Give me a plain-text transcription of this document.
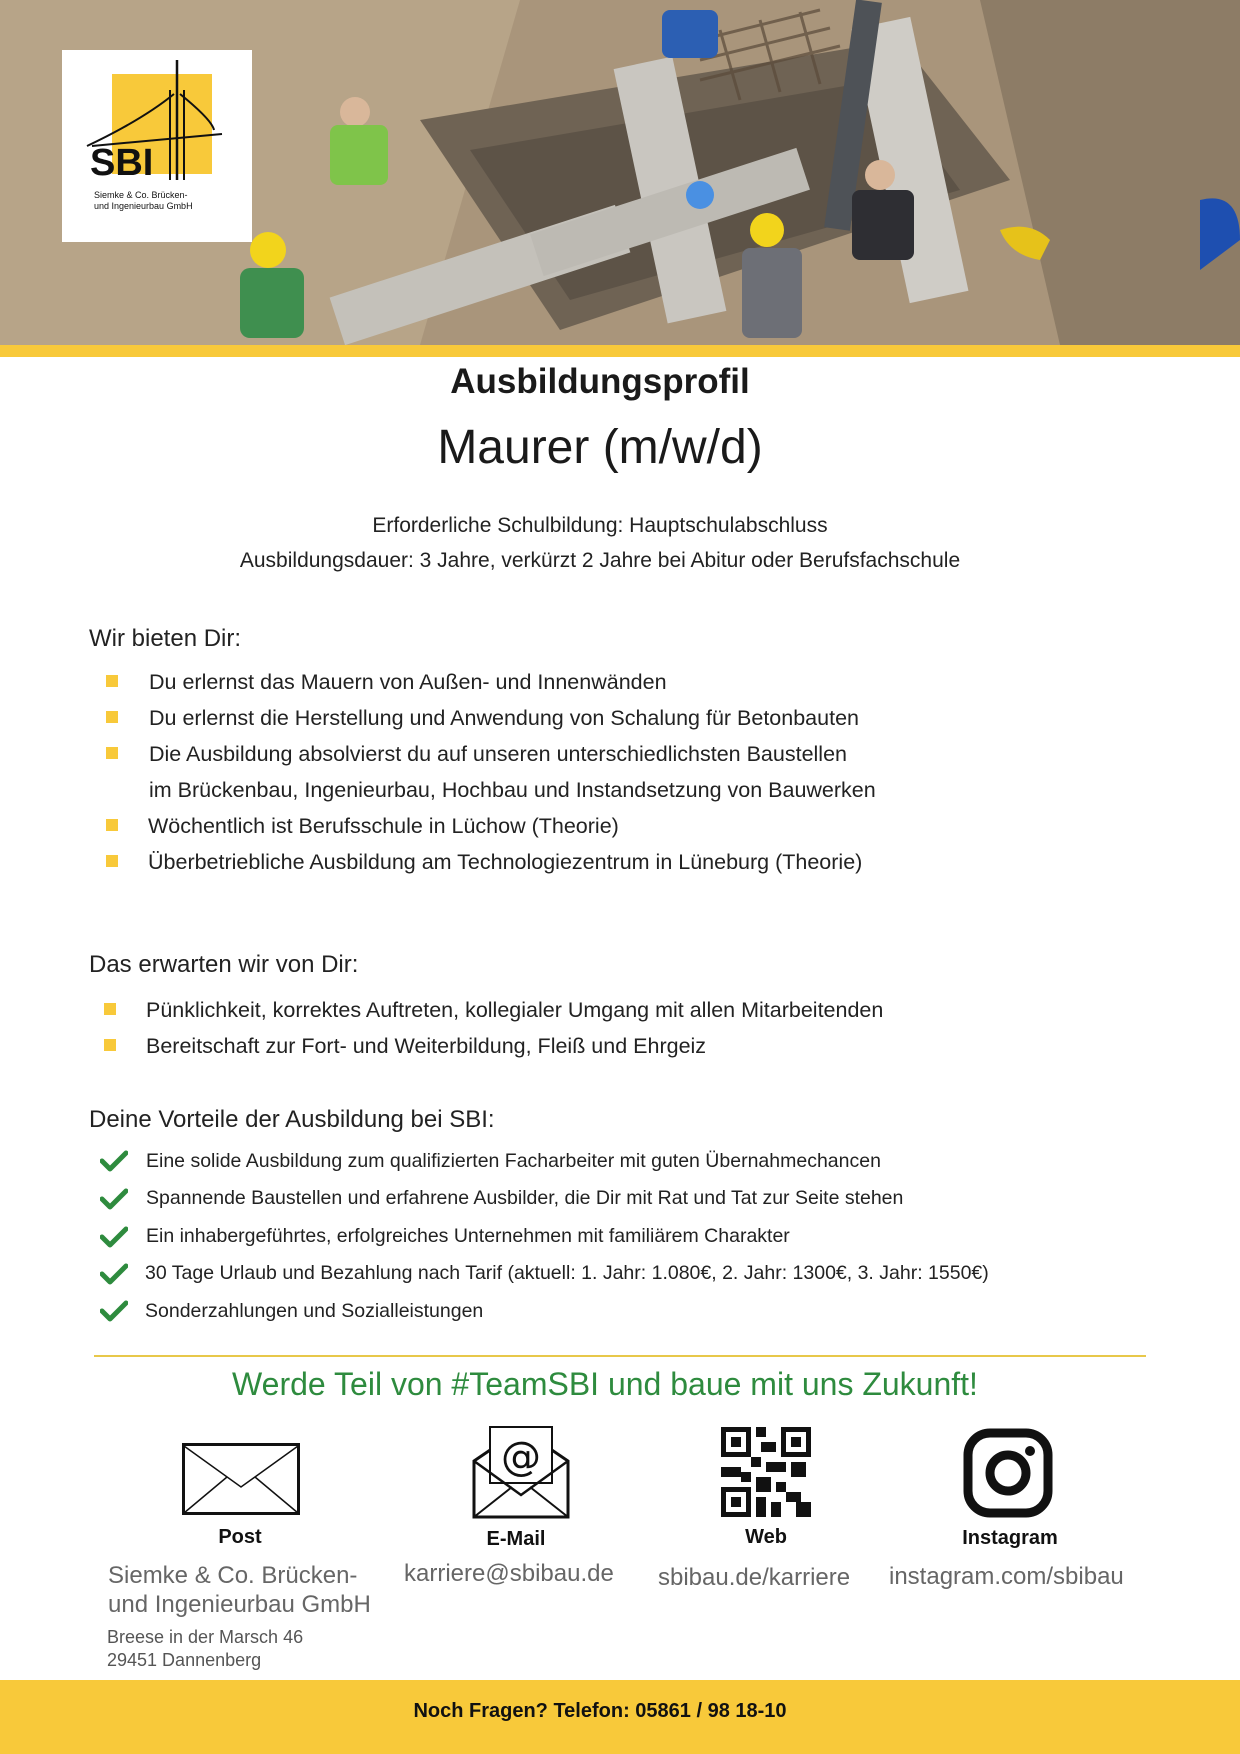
SBI
Siemke & Co. Brücken-
und Ingenieurbau GmbH
Ausbildungsprofil
Maurer (m/w/d)
Erforderliche Schulbildung: Hauptschulabschluss
Ausbildungsdauer: 3 Jahre, verkürzt 2 Jahre bei Abitur oder Berufsfachschule
Wir bieten Dir:
Du erlernst das Mauern von Außen- und Innenwänden
Du erlernst die Herstellung und Anwendung von Schalung für Betonbauten
Die Ausbildung absolvierst du auf unseren unterschiedlichsten Baustellen
im Brückenbau, Ingenieurbau, Hochbau und Instandsetzung von Bauwerken
Wöchentlich ist Berufsschule in Lüchow (Theorie)
Überbetriebliche Ausbildung am Technologiezentrum in Lüneburg (Theorie)
Das erwarten wir von Dir:
Pünklichkeit, korrektes Auftreten, kollegialer Umgang mit allen Mitarbeitenden
Bereitschaft zur Fort- und Weiterbildung, Fleiß und Ehrgeiz
Deine Vorteile der Ausbildung bei SBI:
Eine solide Ausbildung zum qualifizierten Facharbeiter mit guten Übernahmechancen
Spannende Baustellen und erfahrene Ausbilder, die Dir mit Rat und Tat zur Seite stehen
Ein inhabergeführtes, erfolgreiches Unternehmen mit familiärem Charakter
30 Tage Urlaub und Bezahlung nach Tarif (aktuell: 1. Jahr: 1.080€, 2. Jahr: 1300€, 3. Jahr: 1550€)
Sonderzahlungen und Sozialleistungen
Werde Teil von #TeamSBI und baue mit uns Zukunft!
Post
@
E-Mail	Web	Instagram
Siemke & Co. Brücken-
und Ingenieurbau GmbH
Breese in der Marsch 46
29451 Dannenberg
karriere@sbibau.de sbibau.de/karriere instagram.com/sbibau
Noch Fragen? Telefon: 05861 / 98 18-10
